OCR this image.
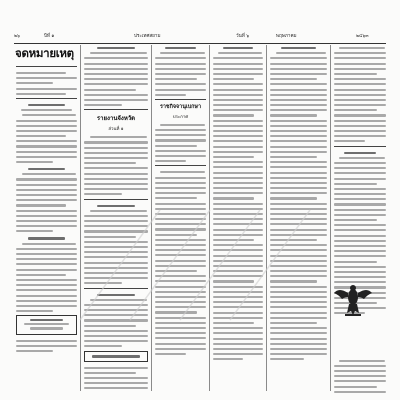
๒๖	ปีที่ ๑	ประเทศสยาม	วันที่ ๖	พฤษภาคม	๒๔๖๓
จดหมายเหตุ
รายงานจังหวัด
ส่วนที่ ๑
ราชกิจจานุเบกษา
ประกาศ
